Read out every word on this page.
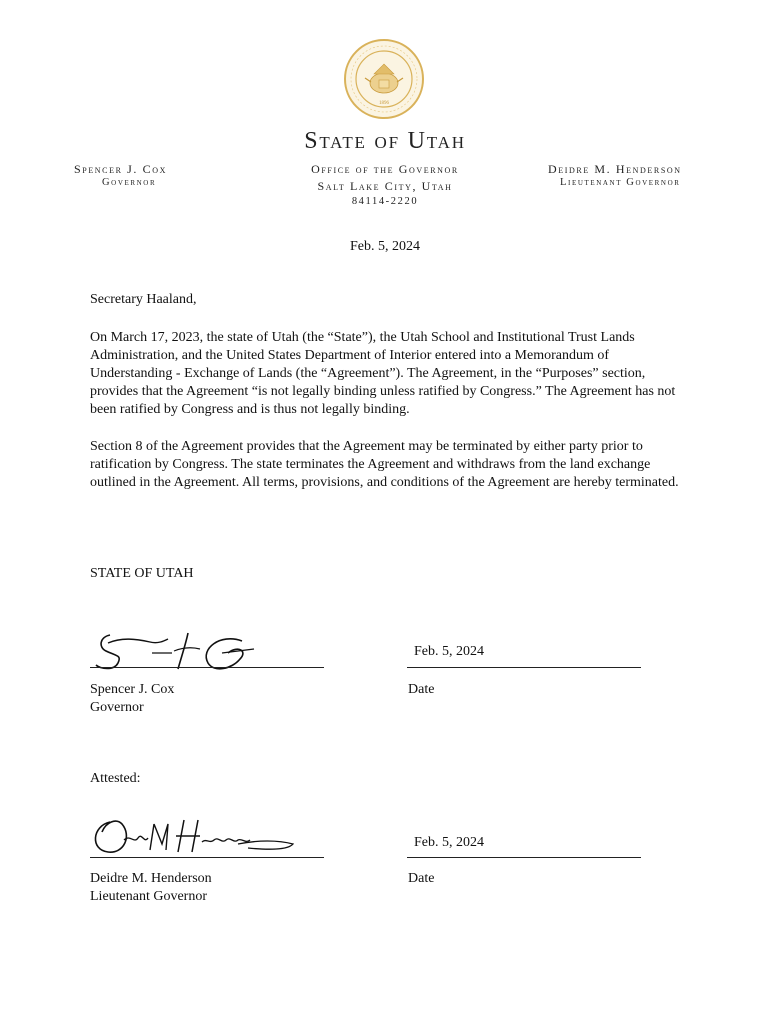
1896
State of Utah
Spencer J. Cox
Governor
Office of the Governor
Salt Lake City, Utah
84114-2220
Deidre M. Henderson
Lieutenant Governor
Feb. 5, 2024
Secretary Haaland,
On March 17, 2023, the state of Utah (the “State”), the Utah School and Institutional Trust Lands Administration, and the United States Department of Interior entered into a Memorandum of Understanding - Exchange of Lands (the “Agreement”). The Agreement, in the “Purposes” section, provides that the Agreement “is not legally binding unless ratified by Congress.” The Agreement has not been ratified by Congress and is thus not legally binding.
Section 8 of the Agreement provides that the Agreement may be terminated by either party prior to ratification by Congress. The state terminates the Agreement and withdraws from the land exchange outlined in the Agreement. All terms, provisions, and conditions of the Agreement are hereby terminated.
STATE OF UTAH
Feb. 5, 2024
Spencer J. Cox
Governor
Date
Attested:
Feb. 5, 2024
Deidre M. Henderson
Lieutenant Governor
Date
